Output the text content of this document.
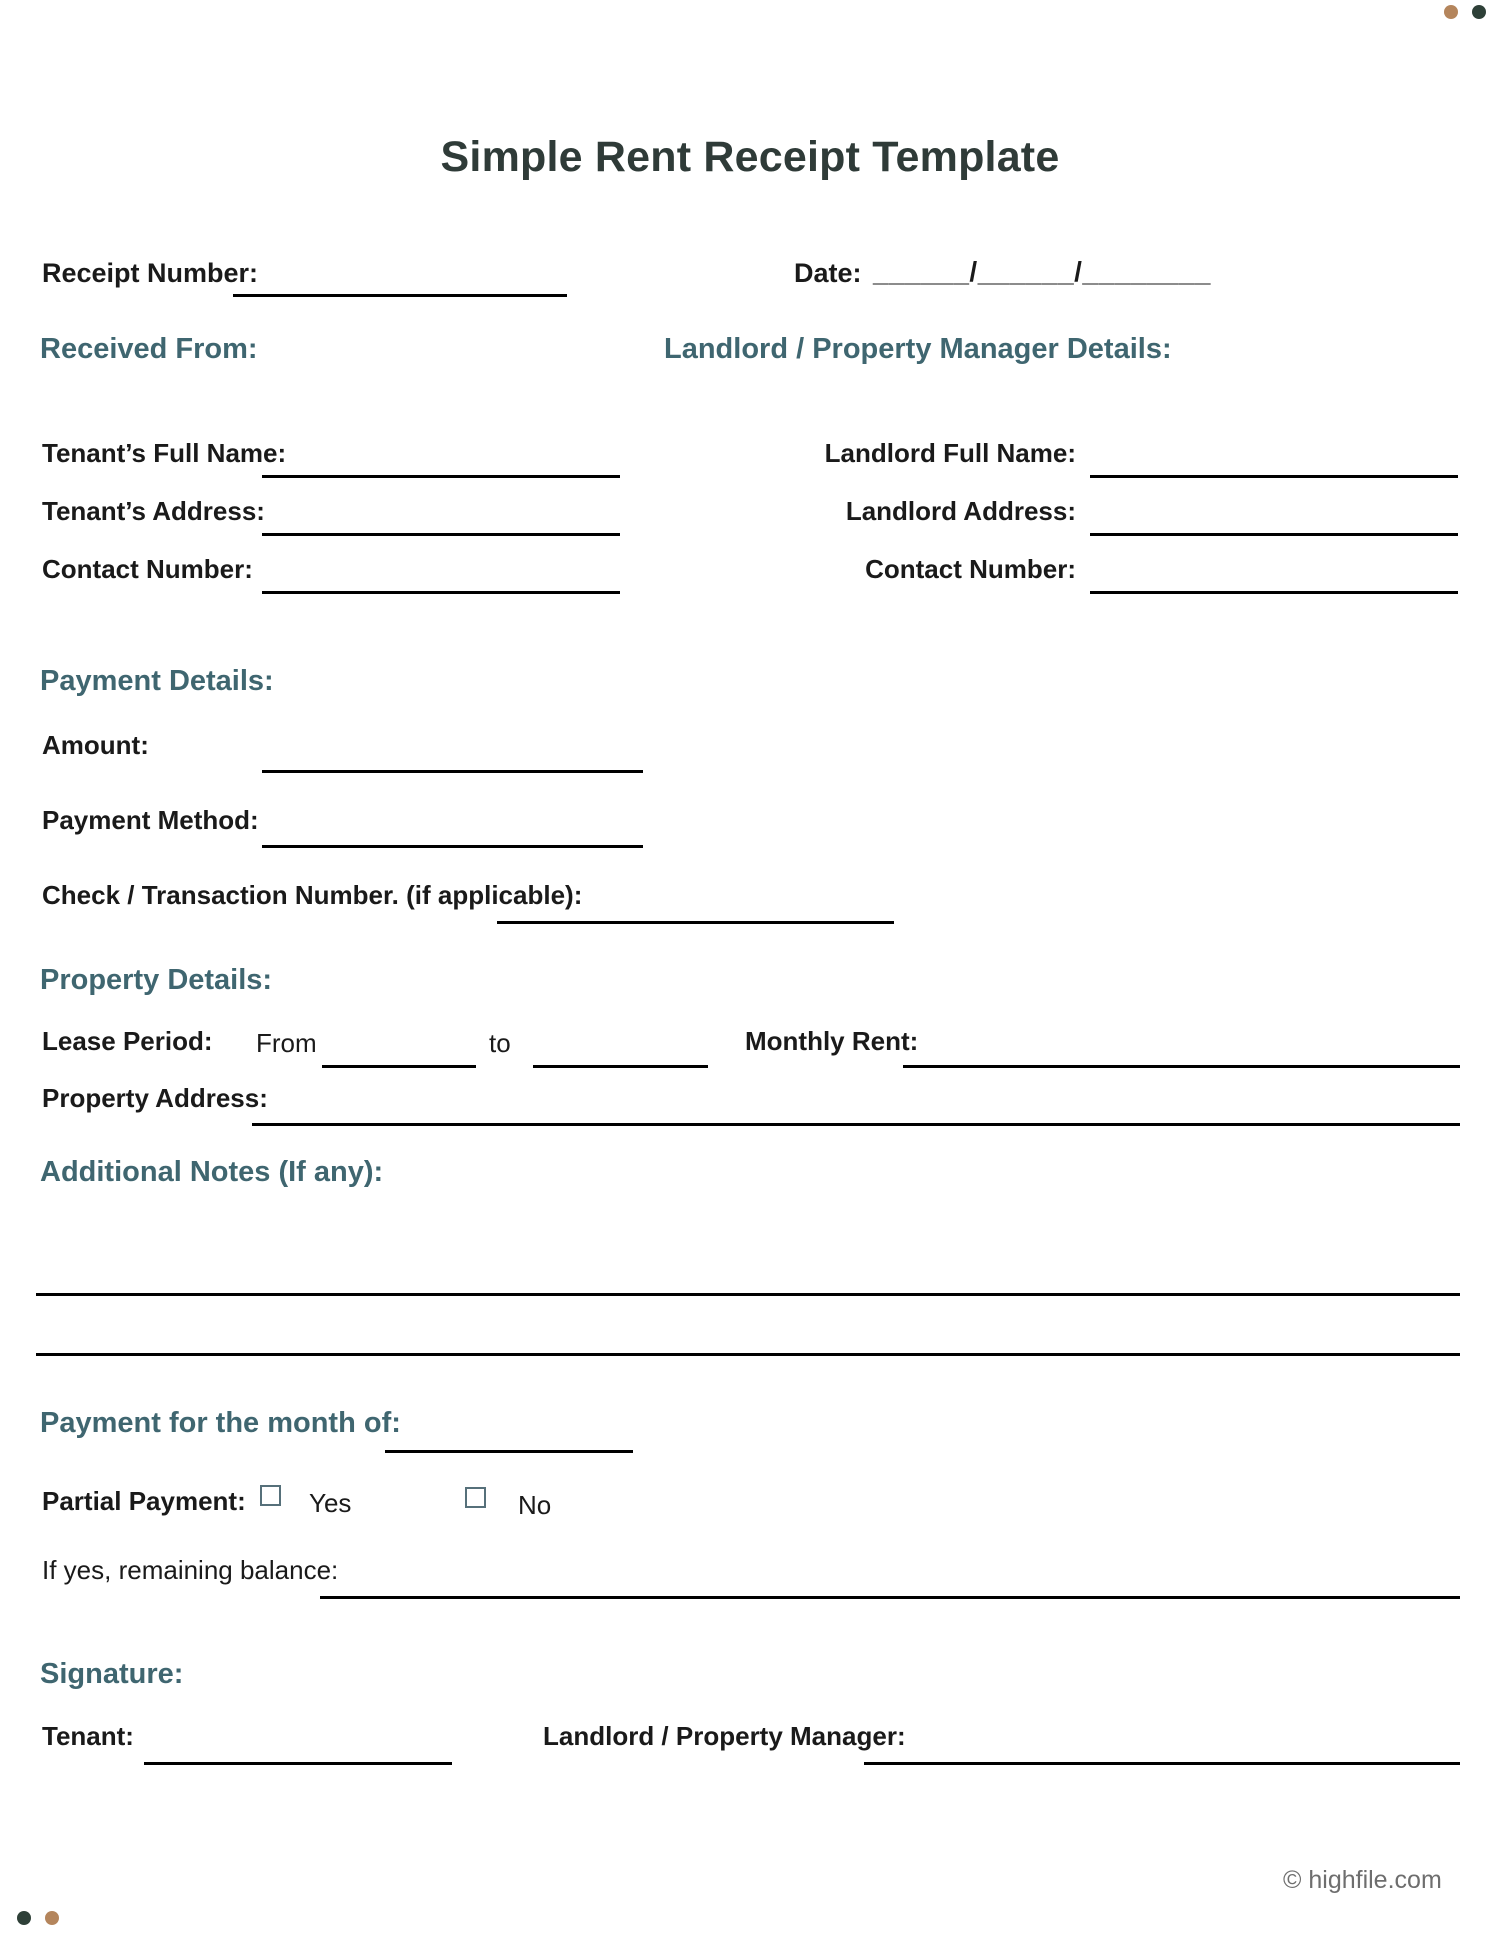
Simple Rent Receipt Template
Receipt Number:	Date: ______/______/________
Received From:	Landlord / Property Manager Details:
Tenant’s Full Name:
Tenant’s Address:
Contact Number:
Landlord Full Name:
Landlord Address:
Contact Number:
Payment Details:
Amount:
Payment Method:
Check / Transaction Number. (if applicable):
Property Details:
Lease Period: From	to	Monthly Rent:
Property Address:
Additional Notes (If any):
Payment for the month of:
Partial Payment: Yes	No
If yes, remaining balance:
Signature:
Tenant:	Landlord / Property Manager:
© highfile.com
